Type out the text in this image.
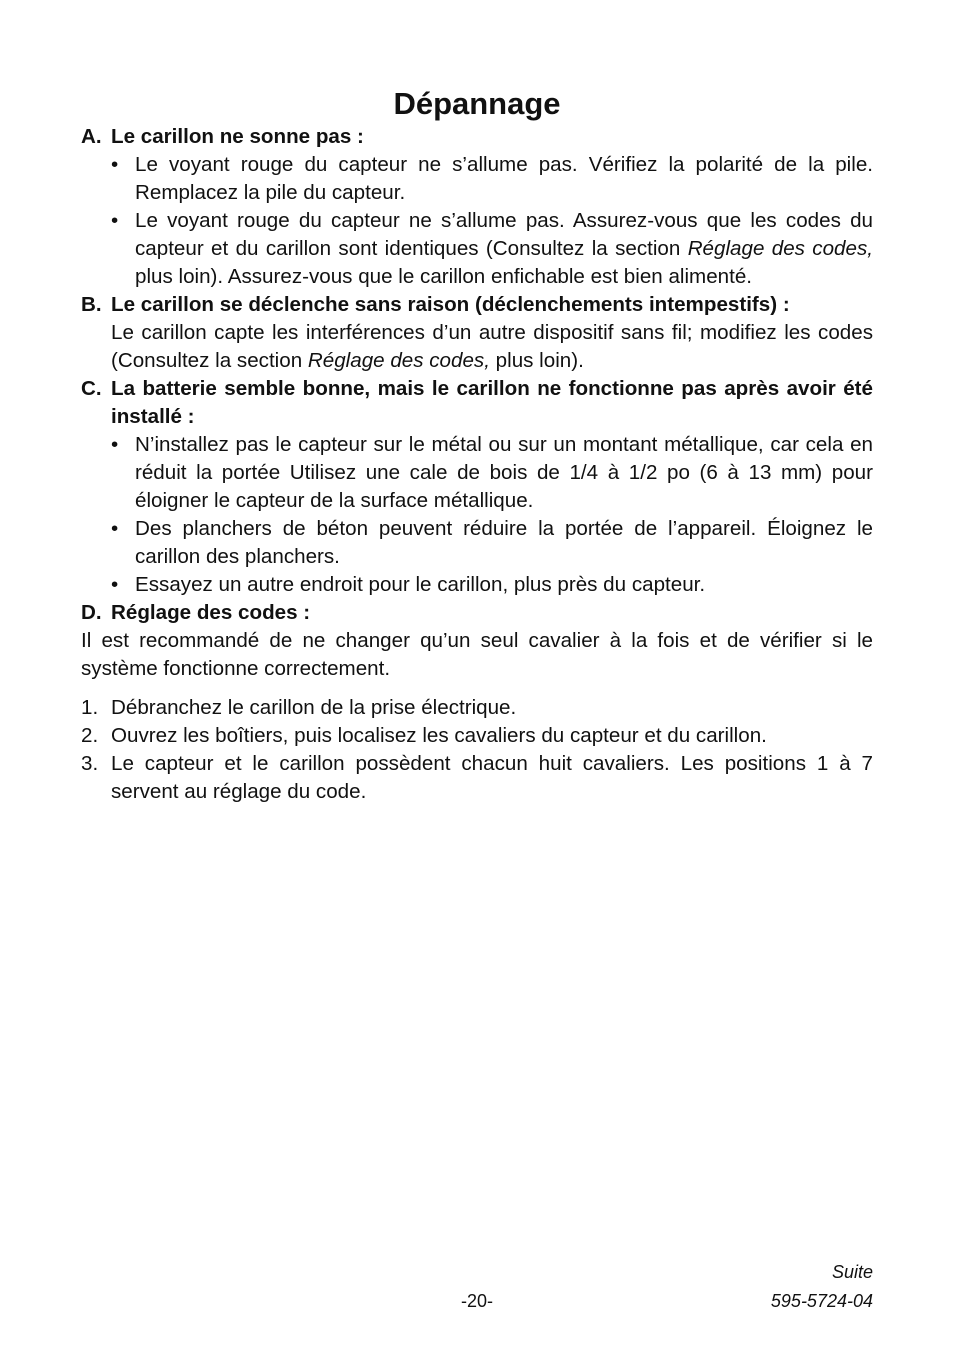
Dépannage
A. Le carillon ne sonne pas :
• Le voyant rouge du capteur ne s’allume pas. Vérifiez la polarité de la pile. Remplacez la pile du capteur.
• Le voyant rouge du capteur ne s’allume pas. Assurez-vous que les codes du capteur et du carillon sont identiques (Consultez la section Réglage des codes, plus loin). Assurez-vous que le carillon enfichable est bien alimenté.
B. Le carillon se déclenche sans raison (déclenchements intempestifs) :
Le carillon capte les interférences d’un autre dispositif sans fil; modifiez les codes (Consultez la section Réglage des codes, plus loin).
C. La batterie semble bonne, mais le carillon ne fonctionne pas après avoir été installé :
• N’installez pas le capteur sur le métal ou sur un montant métallique, car cela en réduit la portée Utilisez une cale de bois de 1/4 à 1/2 po (6 à 13 mm) pour éloigner le capteur de la surface métallique.
• Des planchers de béton peuvent réduire la portée de l’appareil. Éloignez le carillon des planchers.
• Essayez un autre endroit pour le carillon, plus près du capteur.
D. Réglage des codes :
Il est recommandé de ne changer qu’un seul cavalier à la fois et de vérifier si le système fonctionne correctement.
1. Débranchez le carillon de la prise électrique.
2. Ouvrez les boîtiers, puis localisez les cavaliers du capteur et du carillon.
3. Le capteur et le carillon possèdent chacun huit cavaliers. Les positions 1 à 7 servent au réglage du code.
Suite
-20-	595-5724-04
